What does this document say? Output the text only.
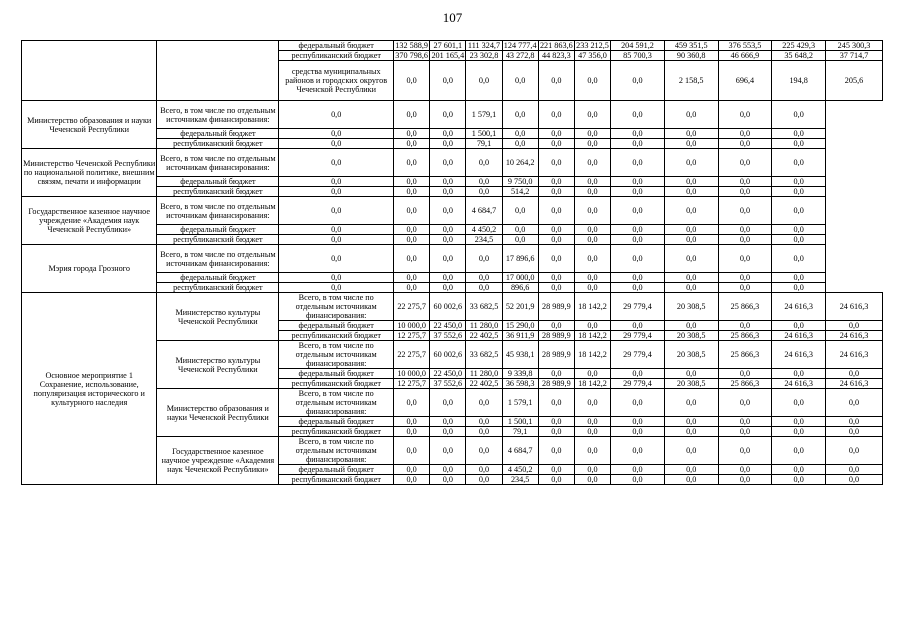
107
		федеральный бюджет	132 588,9	27 601,1	111 324,7	124 777,4	221 863,6	233 212,5	204 591,2	459 351,5	376 553,5	225 429,3	245 300,3
		республиканский бюджет	370 798,6	201 165,4	23 302,8	43 272,8	44 823,3	47 356,0	85 700,3	90 360,8	46 666,9	35 648,2	37 714,7
		средства муниципальных районов и городских округов Чеченской Республики	0,0	0,0	0,0	0,0	0,0	0,0	0,0	2 158,5	696,4	194,8	205,6
Министерство образования и науки Чеченской Республики	Всего, в том числе по отдельным источникам финансирования:	0,0	0,0	0,0	1 579,1	0,0	0,0	0,0	0,0	0,0	0,0	0,0	
	федеральный бюджет	0,0	0,0	0,0	1 500,1	0,0	0,0	0,0	0,0	0,0	0,0	0,0	
	республиканский бюджет	0,0	0,0	0,0	79,1	0,0	0,0	0,0	0,0	0,0	0,0	0,0	
Министерство Чеченской Республики по национальной политике, внешним связям, печати и информации	Всего, в том числе по отдельным источникам финансирования:	0,0	0,0	0,0	0,0	10 264,2	0,0	0,0	0,0	0,0	0,0	0,0	
	федеральный бюджет	0,0	0,0	0,0	0,0	9 750,0	0,0	0,0	0,0	0,0	0,0	0,0	
	республиканский бюджет	0,0	0,0	0,0	0,0	514,2	0,0	0,0	0,0	0,0	0,0	0,0	
Государственное казенное научное учреждение «Академия наук Чеченской Республики»	Всего, в том числе по отдельным источникам финансирования:	0,0	0,0	0,0	4 684,7	0,0	0,0	0,0	0,0	0,0	0,0	0,0	
	федеральный бюджет	0,0	0,0	0,0	4 450,2	0,0	0,0	0,0	0,0	0,0	0,0	0,0	
	республиканский бюджет	0,0	0,0	0,0	234,5	0,0	0,0	0,0	0,0	0,0	0,0	0,0	
Мэрия города Грозного	Всего, в том числе по отдельным источникам финансирования:	0,0	0,0	0,0	0,0	17 896,6	0,0	0,0	0,0	0,0	0,0	0,0	
	федеральный бюджет	0,0	0,0	0,0	0,0	17 000,0	0,0	0,0	0,0	0,0	0,0	0,0	
	республиканский бюджет	0,0	0,0	0,0	0,0	896,6	0,0	0,0	0,0	0,0	0,0	0,0	
Основное мероприятие 1 Сохранение, использование, популяризация исторического и культурного наследия	Министерство культуры Чеченской Республики	Всего, в том числе по отдельным источникам финансирования:	22 275,7	60 002,6	33 682,5	52 201,9	28 989,9	18 142,2	29 779,4	20 308,5	25 866,3	24 616,3	24 616,3
		федеральный бюджет	10 000,0	22 450,0	11 280,0	15 290,0	0,0	0,0	0,0	0,0	0,0	0,0	0,0
		республиканский бюджет	12 275,7	37 552,6	22 402,5	36 911,9	28 989,9	18 142,2	29 779,4	20 308,5	25 866,3	24 616,3	24 616,3
	Министерство культуры Чеченской Республики	Всего, в том числе по отдельным источникам финансирования:	22 275,7	60 002,6	33 682,5	45 938,1	28 989,9	18 142,2	29 779,4	20 308,5	25 866,3	24 616,3	24 616,3
		федеральный бюджет	10 000,0	22 450,0	11 280,0	9 339,8	0,0	0,0	0,0	0,0	0,0	0,0	0,0
		республиканский бюджет	12 275,7	37 552,6	22 402,5	36 598,3	28 989,9	18 142,2	29 779,4	20 308,5	25 866,3	24 616,3	24 616,3
	Министерство образования и науки Чеченской Республики	Всего, в том числе по отдельным источникам финансирования:	0,0	0,0	0,0	1 579,1	0,0	0,0	0,0	0,0	0,0	0,0	0,0
		федеральный бюджет	0,0	0,0	0,0	1 500,1	0,0	0,0	0,0	0,0	0,0	0,0	0,0
		республиканский бюджет	0,0	0,0	0,0	79,1	0,0	0,0	0,0	0,0	0,0	0,0	0,0
	Государственное казенное научное учреждение «Академия наук Чеченской Республики»	Всего, в том числе по отдельным источникам финансирования:	0,0	0,0	0,0	4 684,7	0,0	0,0	0,0	0,0	0,0	0,0	0,0
		федеральный бюджет	0,0	0,0	0,0	4 450,2	0,0	0,0	0,0	0,0	0,0	0,0	0,0
		республиканский бюджет	0,0	0,0	0,0	234,5	0,0	0,0	0,0	0,0	0,0	0,0	0,0
